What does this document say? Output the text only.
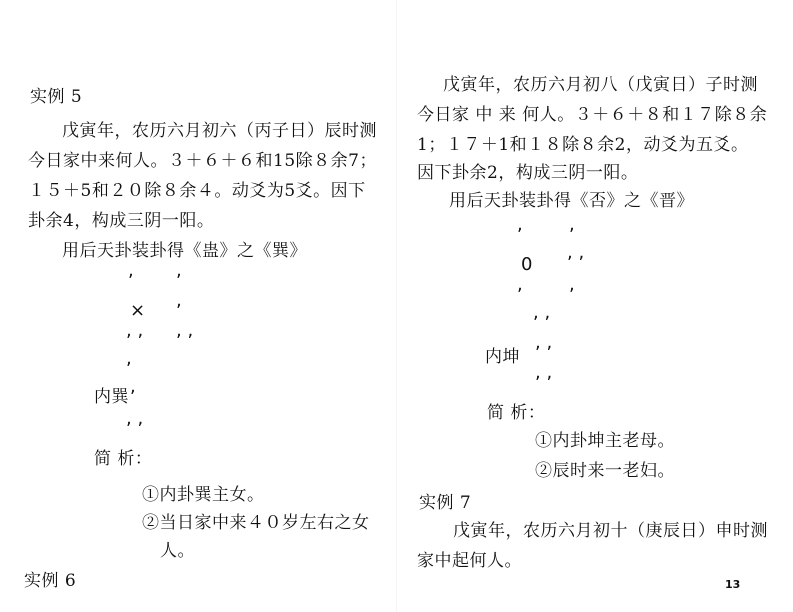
实例 5
戊寅年，农历六月初六（丙子日）辰时测
今日家中来何人。３＋６＋６和15除８余7；
１５＋5和２０除８余４。动爻为5爻。因下
卦余4，构成三阴一阳。
用后天卦装卦得《蛊》之《巽》
, ,
× ,
, , , ,
,
内巽 ,
, ,
简 析：
①内卦巽主女。
②当日家中来４０岁左右之女
人。
实例 6
戊寅年，农历六月初八（戊寅日）子时测
今日家 中 来 何人。３＋６＋８和１７除８余
1；１７＋1和１８除８余2，动爻为五爻。
因下卦余2，构成三阴一阳。
用后天卦装卦得《否》之《晋》
,	,
0
, ,
,	,
, ,
, ,
, ,
内坤
简 析：
①内卦坤主老母。
②辰时来一老妇。
实例 7
戊寅年，农历六月初十（庚辰日）申时测
家中起何人。
13
